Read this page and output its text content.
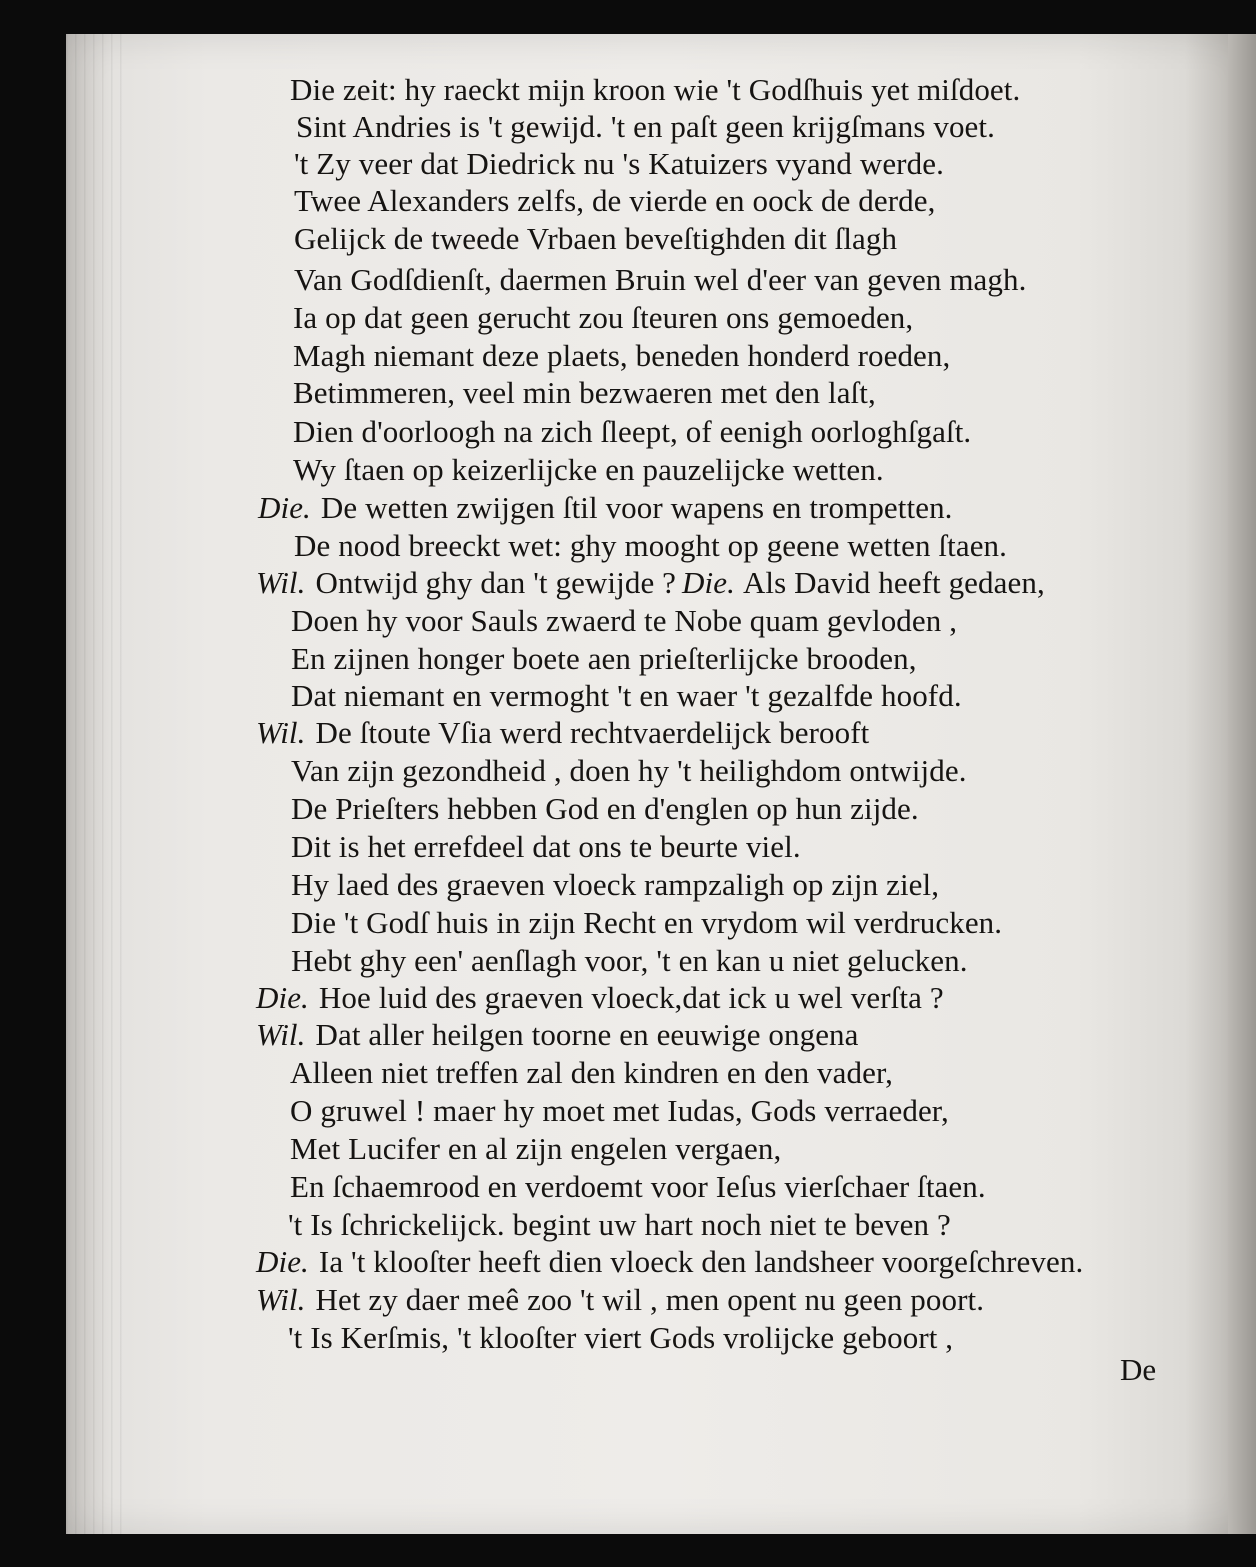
Die zeit: hy raeckt mijn kroon wie 't Godſhuis yet miſdoet.
Sint Andries is 't gewijd. 't en paſt geen krijgſmans voet.
't Zy veer dat Diedrick nu 's Katuizers vyand werde.
Twee Alexanders zelfs, de vierde en oock de derde,
Gelijck de tweede Vrbaen beveſtighden dit ſlagh
Van Godſdienſt, daermen Bruin wel d'eer van geven magh.
Ia op dat geen gerucht zou ſteuren ons gemoeden,
Magh niemant deze plaets, beneden honderd roeden,
Betimmeren, veel min bezwaeren met den laſt,
Dien d'oorloogh na zich ſleept, of eenigh oorloghſgaſt.
Wy ſtaen op keizerlijcke en pauzelijcke wetten.
Die. De wetten zwijgen ſtil voor wapens en trompetten.
De nood breeckt wet: ghy mooght op geene wetten ſtaen.
Wil. Ontwijd ghy dan 't gewijde ? Die. Als David heeft gedaen,
Doen hy voor Sauls zwaerd te Nobe quam gevloden ,
En zijnen honger boete aen prieſterlijcke brooden,
Dat niemant en vermoght 't en waer 't gezalfde hoofd.
Wil. De ſtoute Vſia werd rechtvaerdelijck berooft
Van zijn gezondheid , doen hy 't heilighdom ontwijde.
De Prieſters hebben God en d'englen op hun zijde.
Dit is het errefdeel dat ons te beurte viel.
Hy laed des graeven vloeck rampzaligh op zijn ziel,
Die 't Godſ huis in zijn Recht en vrydom wil verdrucken.
Hebt ghy een' aenſlagh voor, 't en kan u niet gelucken.
Die. Hoe luid des graeven vloeck,dat ick u wel verſta ?
Wil. Dat aller heilgen toorne en eeuwige ongena
Alleen niet treffen zal den kindren en den vader,
O gruwel ! maer hy moet met Iudas, Gods verraeder,
Met Lucifer en al zijn engelen vergaen,
En ſchaemrood en verdoemt voor Ieſus vierſchaer ſtaen.
't Is ſchrickelijck. begint uw hart noch niet te beven ?
Die. Ia 't klooſter heeft dien vloeck den landsheer voorgeſchreven.
Wil. Het zy daer meê zoo 't wil , men opent nu geen poort.
't Is Kerſmis, 't klooſter viert Gods vrolijcke geboort ,
De
